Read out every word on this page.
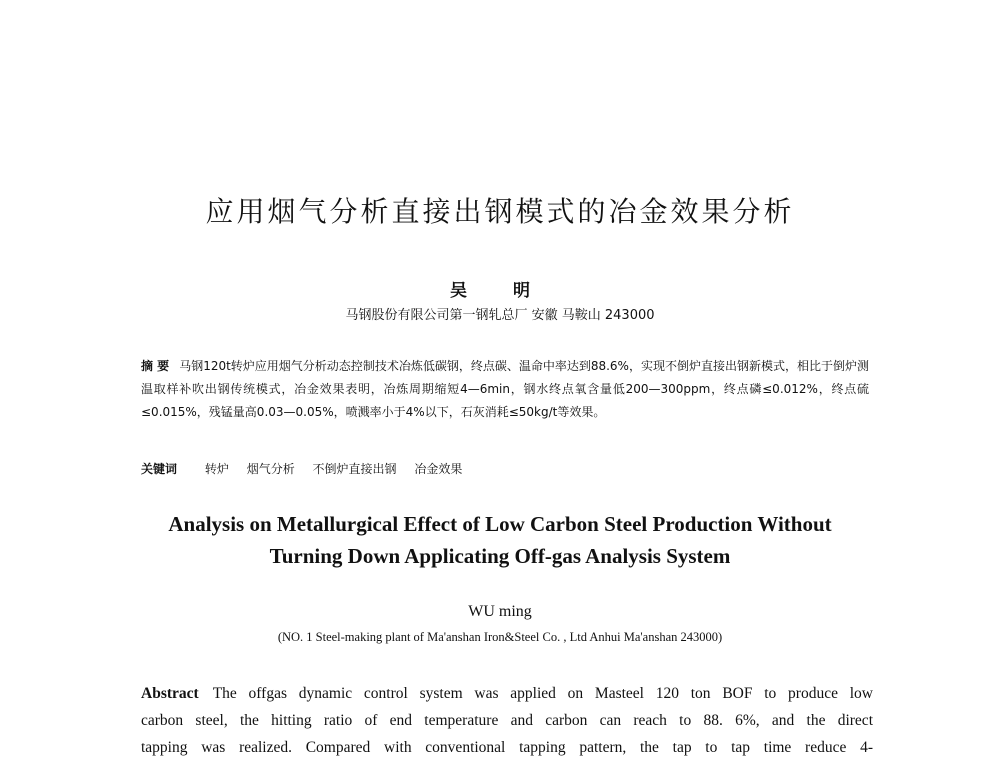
应用烟气分析直接出钢模式的冶金效果分析
吴 明
马钢股份有限公司第一钢轧总厂 安徽 马鞍山 243000
摘 要 马钢120t转炉应用烟气分析动态控制技术冶炼低碳钢，终点碳、温命中率达到88.6%，实现不倒炉直接出钢新模式，相比于倒炉测温取样补吹出钢传统模式，冶金效果表明，冶炼周期缩短4—6min，钢水终点氧含量低200—300ppm，终点磷≤0.012%，终点硫≤0.015%，残锰量高0.03—0.05%，喷溅率小于4%以下，石灰消耗≤50kg/t等效果。
关键词 转炉 烟气分析 不倒炉直接出钢 冶金效果
Analysis on Metallurgical Effect of Low Carbon Steel Production Without
Turning Down Applicating Off-gas Analysis System
WU ming
(NO. 1 Steel-making plant of Ma'anshan Iron&Steel Co. , Ltd Anhui Ma'anshan 243000)
Abstract The offgas dynamic control system was applied on Masteel 120 ton BOF to produce low
carbon steel, the hitting ratio of end temperature and carbon can reach to 88. 6%, and the direct
tapping was realized. Compared with conventional tapping pattern, the tap to tap time reduce 4-
